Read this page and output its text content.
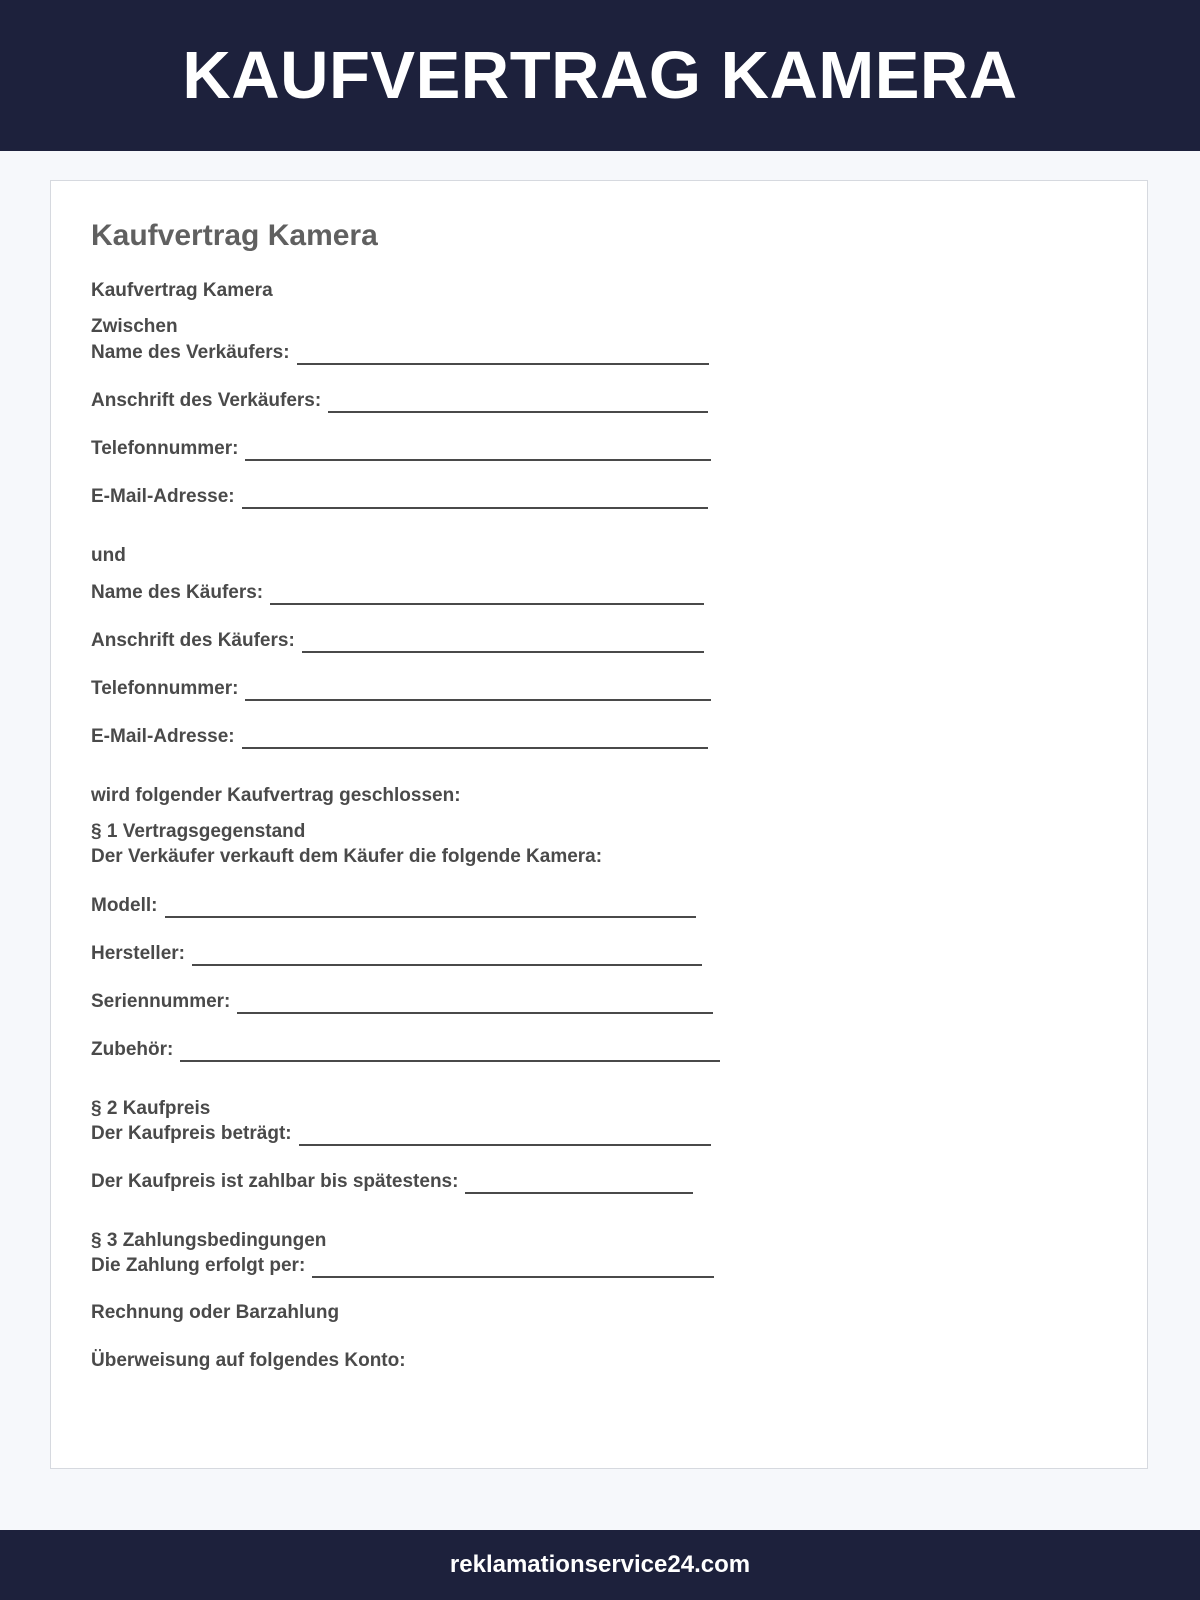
KAUFVERTRAG KAMERA
Kaufvertrag Kamera
Kaufvertrag Kamera
Zwischen
Name des Verkäufers:
Anschrift des Verkäufers:
Telefonnummer:
E-Mail-Adresse:
und
Name des Käufers:
Anschrift des Käufers:
Telefonnummer:
E-Mail-Adresse:
wird folgender Kaufvertrag geschlossen:
§ 1 Vertragsgegenstand
Der Verkäufer verkauft dem Käufer die folgende Kamera:
Modell:
Hersteller:
Seriennummer:
Zubehör:
§ 2 Kaufpreis
Der Kaufpreis beträgt:
Der Kaufpreis ist zahlbar bis spätestens:
§ 3 Zahlungsbedingungen
Die Zahlung erfolgt per:
Rechnung oder Barzahlung
Überweisung auf folgendes Konto:
reklamationservice24.com
